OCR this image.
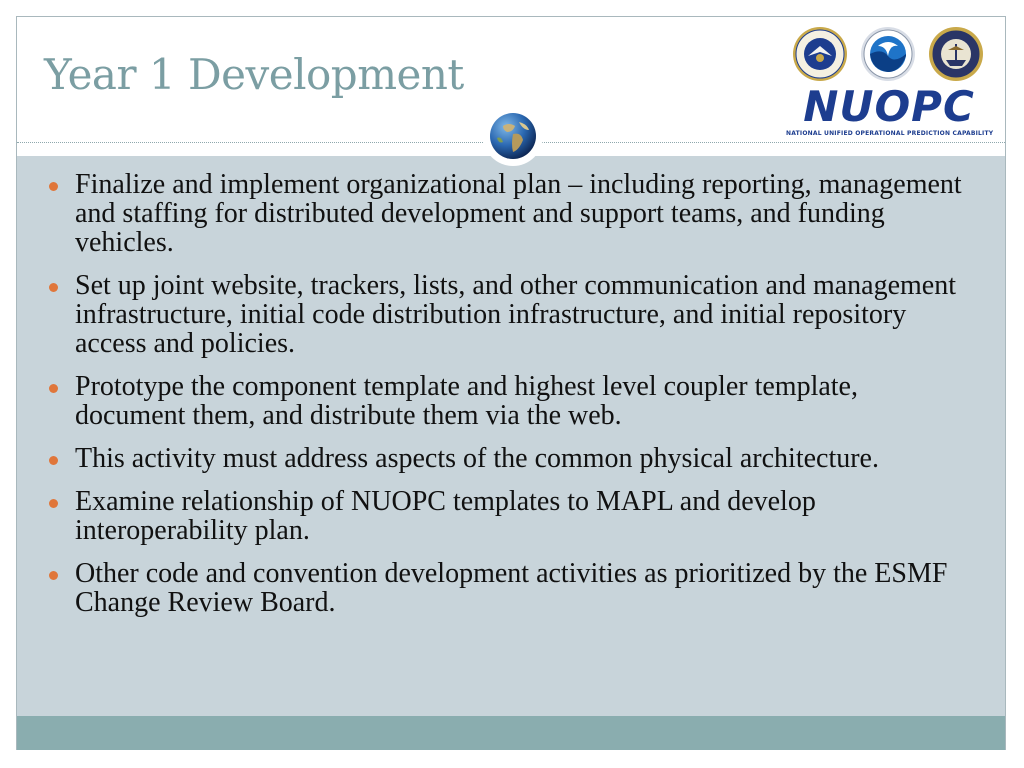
Year 1 Development
NUOPC
NATIONAL UNIFIED OPERATIONAL PREDICTION CAPABILITY
Finalize and implement organizational plan – including reporting, management and staffing for distributed development and support teams, and funding vehicles.
Set up joint website, trackers, lists, and other communication and management infrastructure, initial code distribution infrastructure, and initial repository access and policies.
Prototype the component template and highest level coupler template, document them, and distribute them via the web.
This activity must address aspects of the common physical architecture.
Examine relationship of NUOPC templates to MAPL and develop interoperability plan.
Other code and convention development activities as prioritized by the ESMF Change Review Board.
